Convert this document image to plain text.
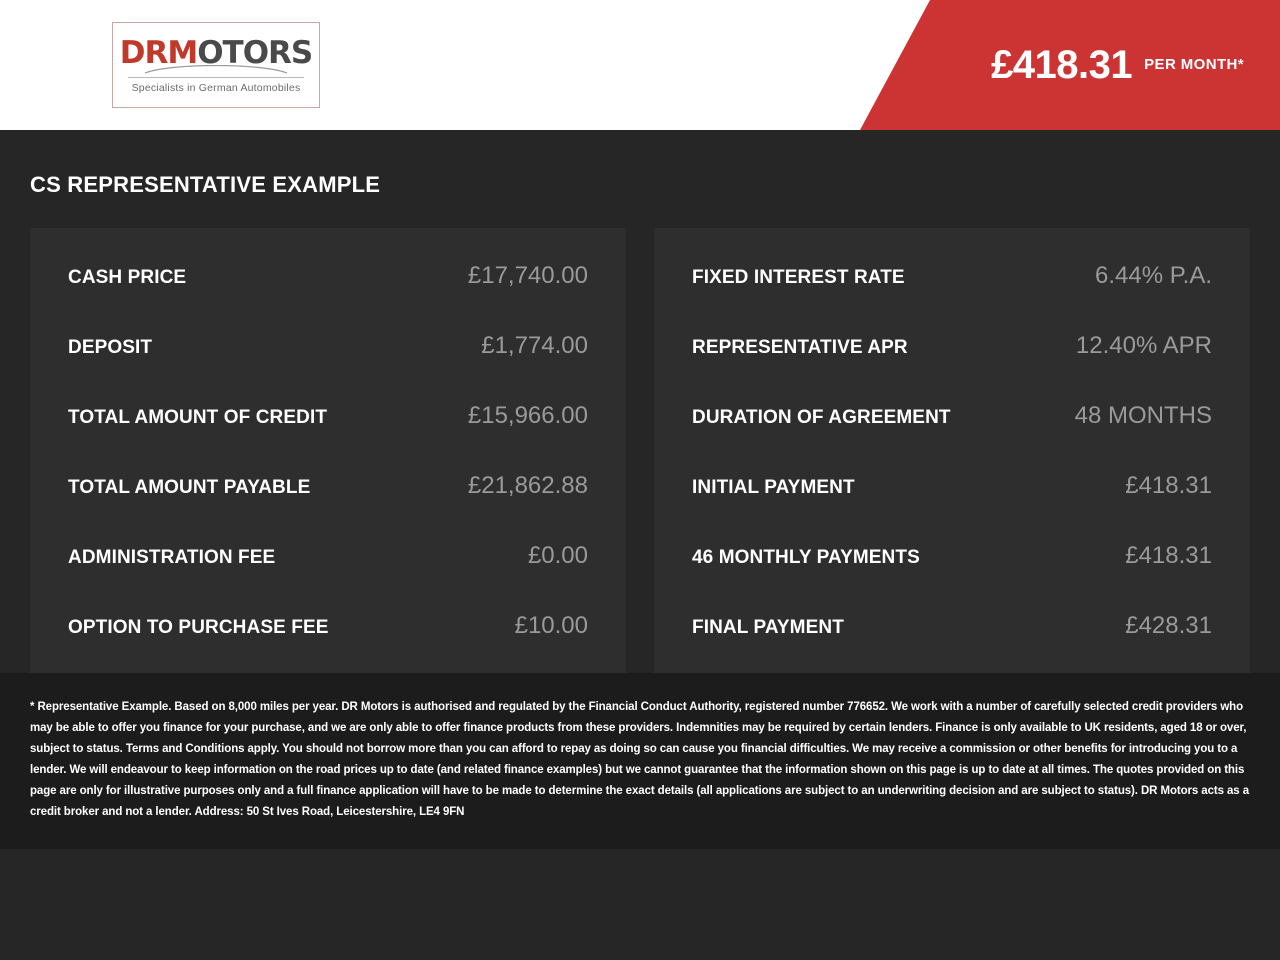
DRMOTORS
Specialists in German Automobiles
£418.31 PER MONTH*
CS REPRESENTATIVE EXAMPLE
CASH PRICE	£17,740.00
DEPOSIT	£1,774.00
TOTAL AMOUNT OF CREDIT	£15,966.00
TOTAL AMOUNT PAYABLE	£21,862.88
ADMINISTRATION FEE	£0.00
OPTION TO PURCHASE FEE	£10.00
FIXED INTEREST RATE	6.44% P.A.
REPRESENTATIVE APR	12.40% APR
DURATION OF AGREEMENT	48 MONTHS
INITIAL PAYMENT	£418.31
46 MONTHLY PAYMENTS	£418.31
FINAL PAYMENT	£428.31

* Representative Example. Based on 8,000 miles per year. DR Motors is authorised and regulated by the Financial Conduct Authority, registered number 776652. We work with a number of carefully selected credit providers who may be able to offer you finance for your purchase, and we are only able to offer finance products from these providers. Indemnities may be required by certain lenders. Finance is only available to UK residents, aged 18 or over, subject to status. Terms and Conditions apply. You should not borrow more than you can afford to repay as doing so can cause you financial difficulties. We may receive a commission or other benefits for introducing you to a lender. We will endeavour to keep information on the road prices up to date (and related finance examples) but we cannot guarantee that the information shown on this page is up to date at all times. The quotes provided on this page are only for illustrative purposes only and a full finance application will have to be made to determine the exact details (all applications are subject to an underwriting decision and are subject to status). DR Motors acts as a credit broker and not a lender. Address: 50 St Ives Road, Leicestershire, LE4 9FN
